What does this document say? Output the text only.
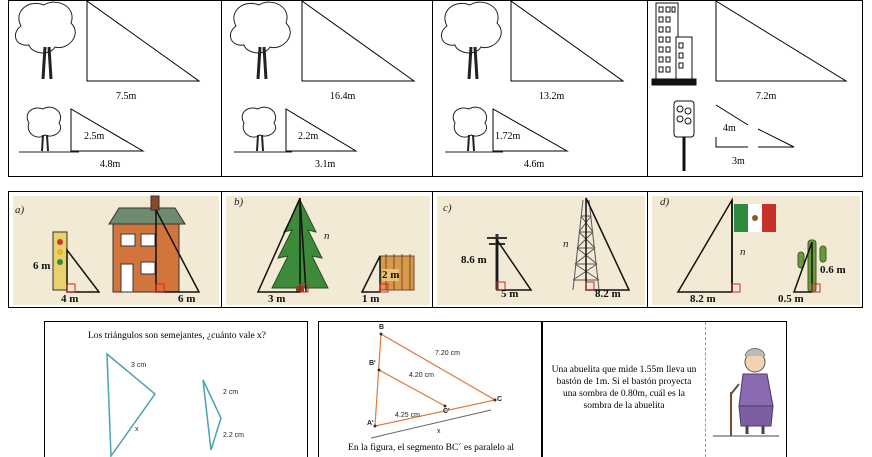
7.5m
2.5m
4.8m
16.4m
2.2m
3.1m
13.2m
1.72m
4.6m
7.2m
4m
3m
a)
6 m
4 m	6 m
b)
n
2 m
3 m	1 m
c)
n
8.6 m
5 m	8.2 m
d)
n
0.6 m
8.2 m	0.5 m
Los triángulos son semejantes, ¿cuánto vale x?
3 cm
x
2 cm
2.2 cm
B
B'
A'
C'
C
7.20 cm
4.20 cm
4.25 cm
x
En la figura, el segmento BC´ es paralelo al
Una abuelita que mide 1.55m lleva un bastón de 1m. Si el bastón proyecta una sombra de 0.80m, cuál es la sombra de la abuelita
